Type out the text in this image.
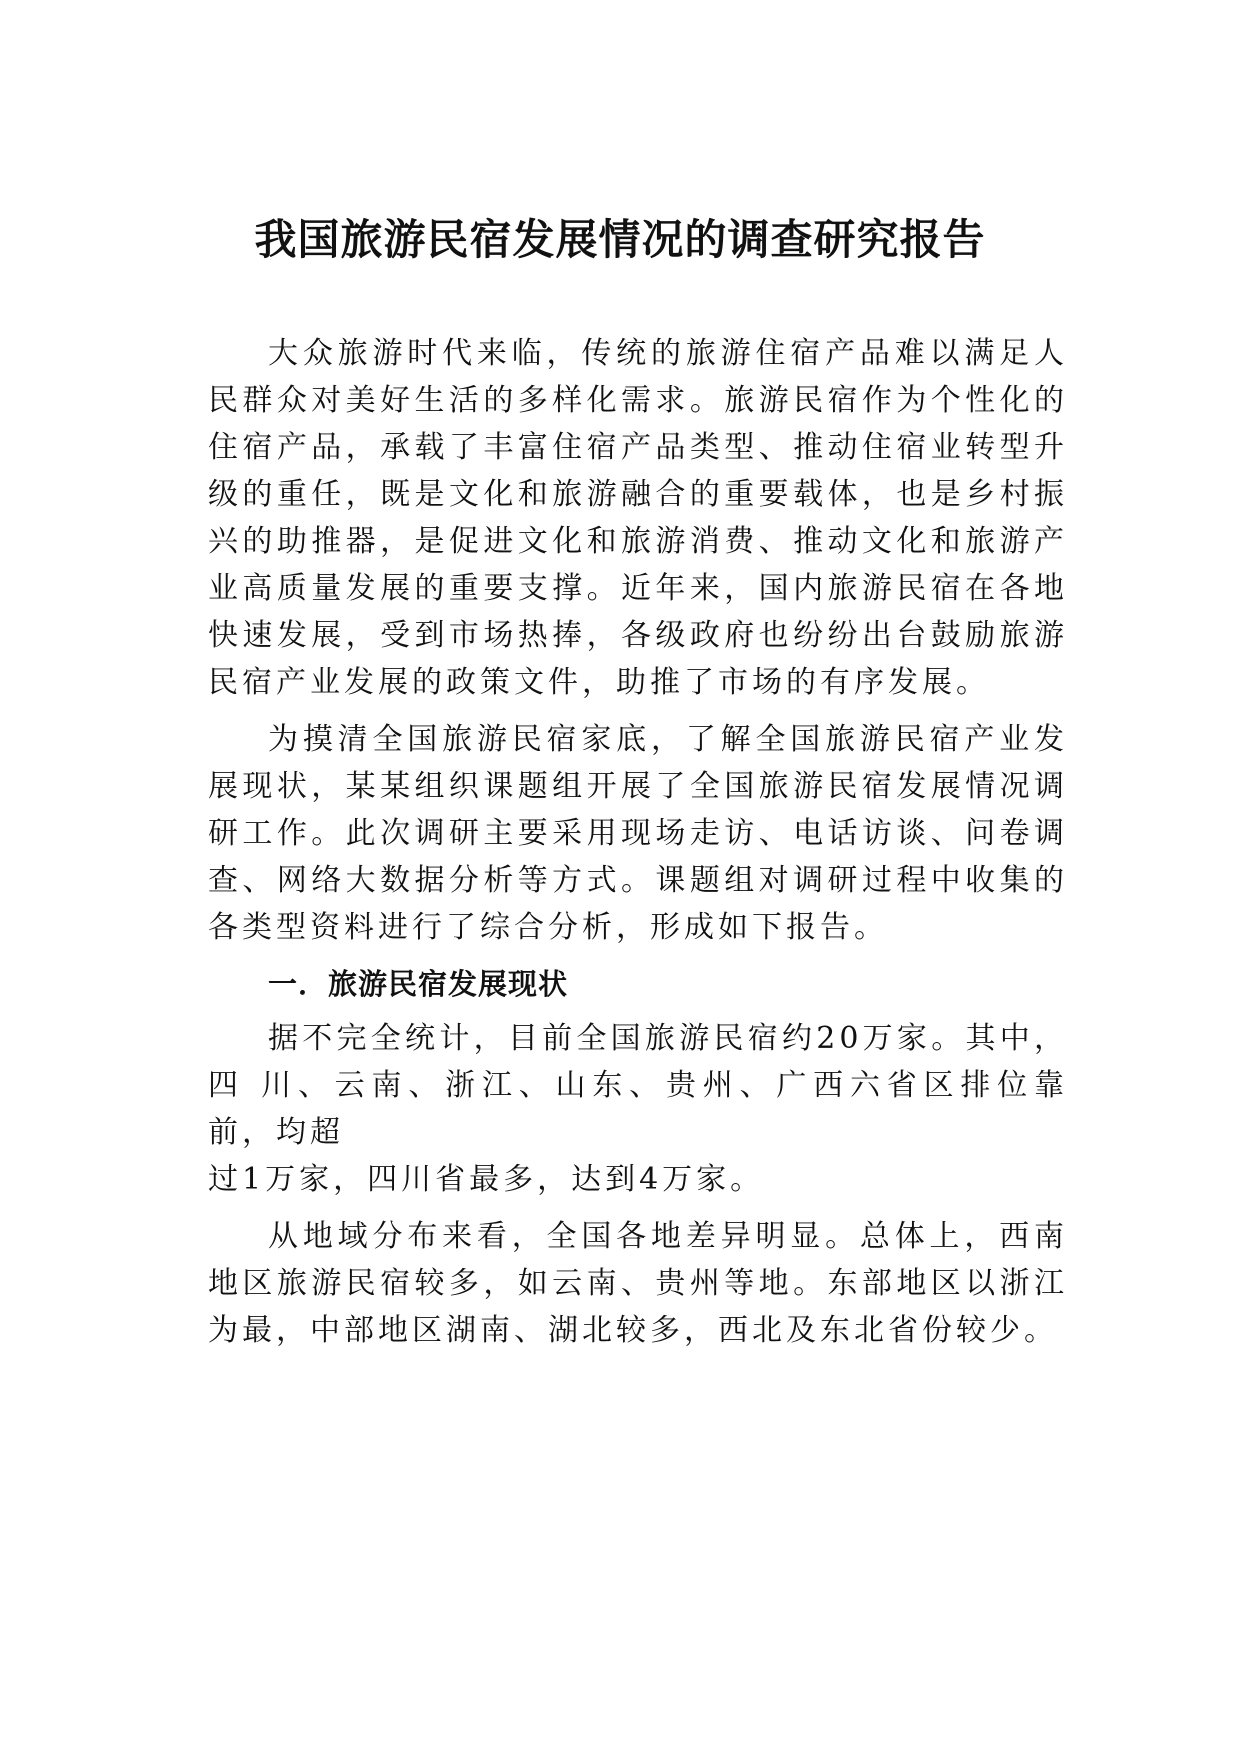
我国旅游民宿发展情况的调查研究报告

大众旅游时代来临，传统的旅游住宿产品难以满足人民群众对美好生活的多样化需求。旅游民宿作为个性化的住宿产品，承载了丰富住宿产品类型、推动住宿业转型升级的重任，既是文化和旅游融合的重要载体，也是乡村振兴的助推器，是促进文化和旅游消费、推动文化和旅游产业高质量发展的重要支撑。近年来，国内旅游民宿在各地快速发展，受到市场热捧，各级政府也纷纷出台鼓励旅游民宿产业发展的政策文件，助推了市场的有序发展。

为摸清全国旅游民宿家底，了解全国旅游民宿产业发展现状，某某组织课题组开展了全国旅游民宿发展情况调研工作。此次调研主要采用现场走访、电话访谈、问卷调查、网络大数据分析等方式。课题组对调研过程中收集的各类型资料进行了综合分析，形成如下报告。

一．旅游民宿发展现状

据不完全统计，目前全国旅游民宿约20万家。其中，四 川、云南、浙江、山东、贵州、广西六省区排位靠前，均超

过1万家，四川省最多，达到4万家。

从地域分布来看，全国各地差异明显。总体上，西南地区旅游民宿较多，如云南、贵州等地。东部地区以浙江为最，中部地区湖南、湖北较多，西北及东北省份较少。
